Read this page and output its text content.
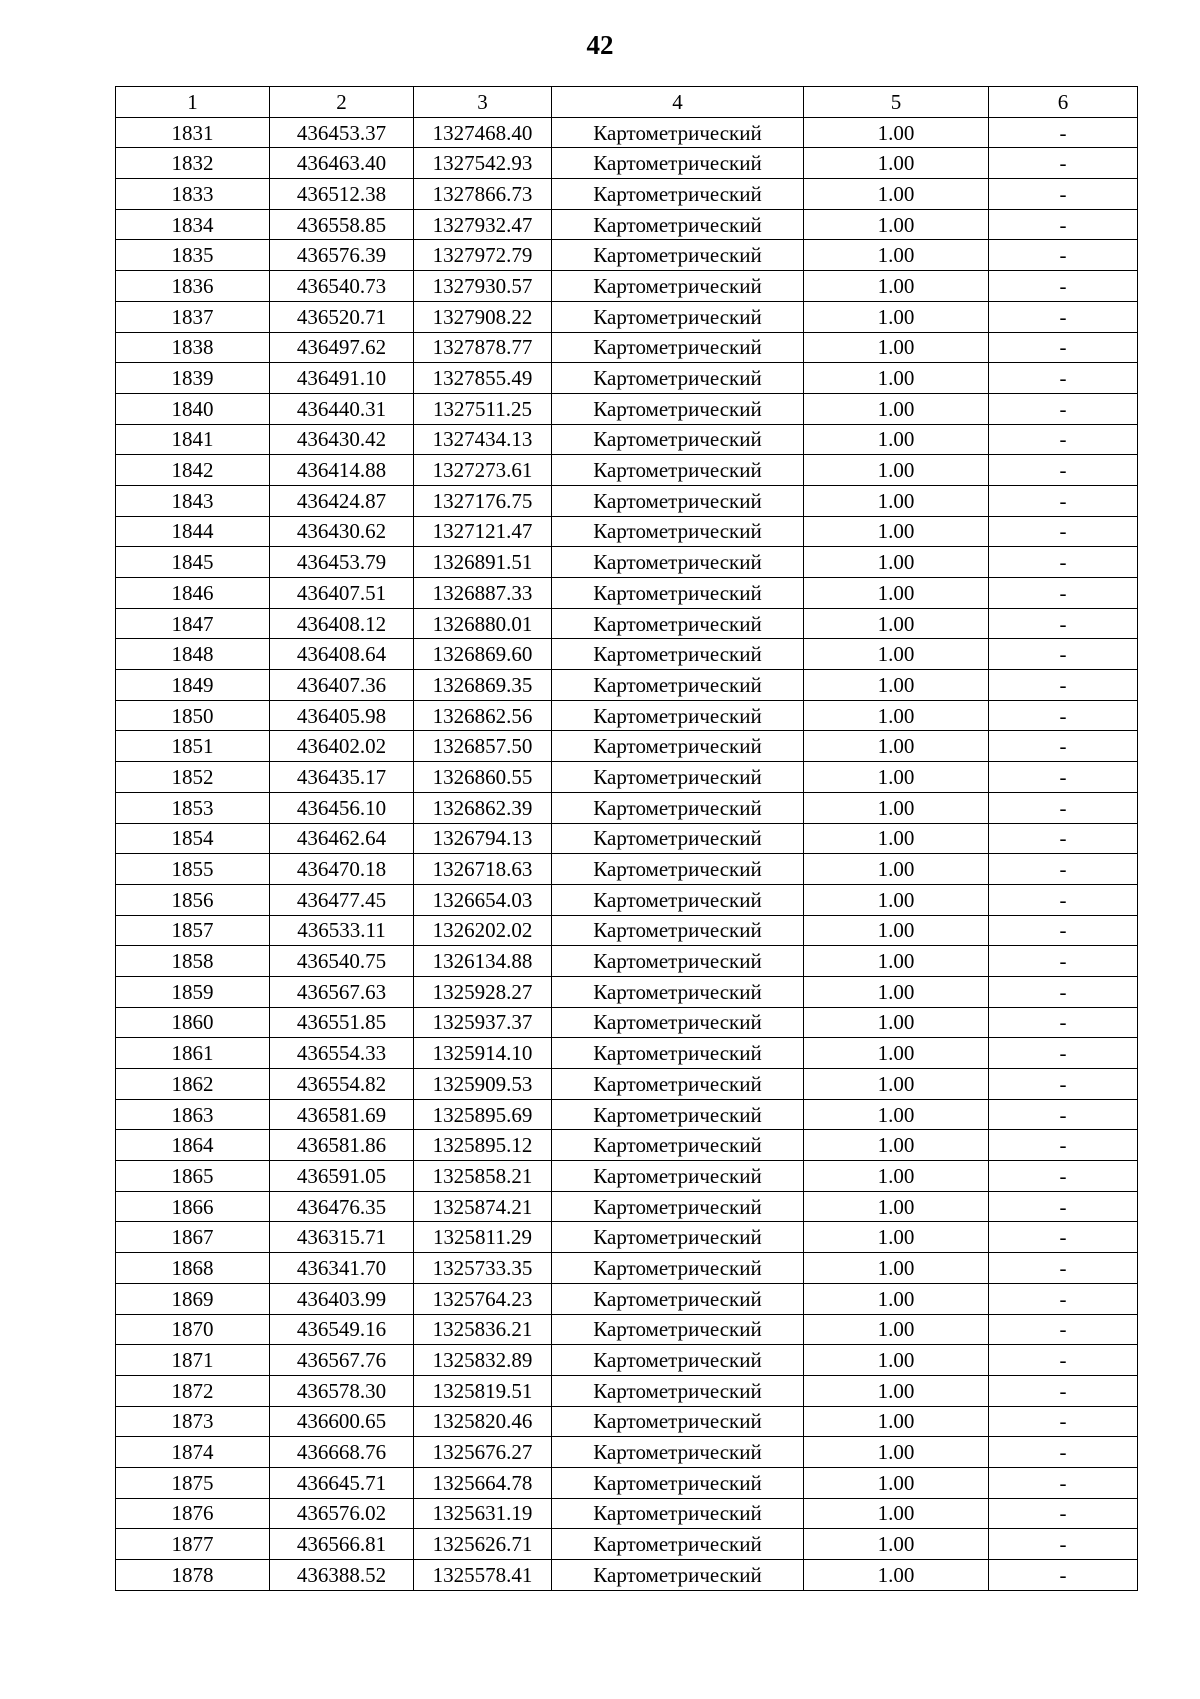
42
1	2	3	4	5	6
1831	436453.37	1327468.40	Картометрический	1.00	-
1832	436463.40	1327542.93	Картометрический	1.00	-
1833	436512.38	1327866.73	Картометрический	1.00	-
1834	436558.85	1327932.47	Картометрический	1.00	-
1835	436576.39	1327972.79	Картометрический	1.00	-
1836	436540.73	1327930.57	Картометрический	1.00	-
1837	436520.71	1327908.22	Картометрический	1.00	-
1838	436497.62	1327878.77	Картометрический	1.00	-
1839	436491.10	1327855.49	Картометрический	1.00	-
1840	436440.31	1327511.25	Картометрический	1.00	-
1841	436430.42	1327434.13	Картометрический	1.00	-
1842	436414.88	1327273.61	Картометрический	1.00	-
1843	436424.87	1327176.75	Картометрический	1.00	-
1844	436430.62	1327121.47	Картометрический	1.00	-
1845	436453.79	1326891.51	Картометрический	1.00	-
1846	436407.51	1326887.33	Картометрический	1.00	-
1847	436408.12	1326880.01	Картометрический	1.00	-
1848	436408.64	1326869.60	Картометрический	1.00	-
1849	436407.36	1326869.35	Картометрический	1.00	-
1850	436405.98	1326862.56	Картометрический	1.00	-
1851	436402.02	1326857.50	Картометрический	1.00	-
1852	436435.17	1326860.55	Картометрический	1.00	-
1853	436456.10	1326862.39	Картометрический	1.00	-
1854	436462.64	1326794.13	Картометрический	1.00	-
1855	436470.18	1326718.63	Картометрический	1.00	-
1856	436477.45	1326654.03	Картометрический	1.00	-
1857	436533.11	1326202.02	Картометрический	1.00	-
1858	436540.75	1326134.88	Картометрический	1.00	-
1859	436567.63	1325928.27	Картометрический	1.00	-
1860	436551.85	1325937.37	Картометрический	1.00	-
1861	436554.33	1325914.10	Картометрический	1.00	-
1862	436554.82	1325909.53	Картометрический	1.00	-
1863	436581.69	1325895.69	Картометрический	1.00	-
1864	436581.86	1325895.12	Картометрический	1.00	-
1865	436591.05	1325858.21	Картометрический	1.00	-
1866	436476.35	1325874.21	Картометрический	1.00	-
1867	436315.71	1325811.29	Картометрический	1.00	-
1868	436341.70	1325733.35	Картометрический	1.00	-
1869	436403.99	1325764.23	Картометрический	1.00	-
1870	436549.16	1325836.21	Картометрический	1.00	-
1871	436567.76	1325832.89	Картометрический	1.00	-
1872	436578.30	1325819.51	Картометрический	1.00	-
1873	436600.65	1325820.46	Картометрический	1.00	-
1874	436668.76	1325676.27	Картометрический	1.00	-
1875	436645.71	1325664.78	Картометрический	1.00	-
1876	436576.02	1325631.19	Картометрический	1.00	-
1877	436566.81	1325626.71	Картометрический	1.00	-
1878	436388.52	1325578.41	Картометрический	1.00	-
